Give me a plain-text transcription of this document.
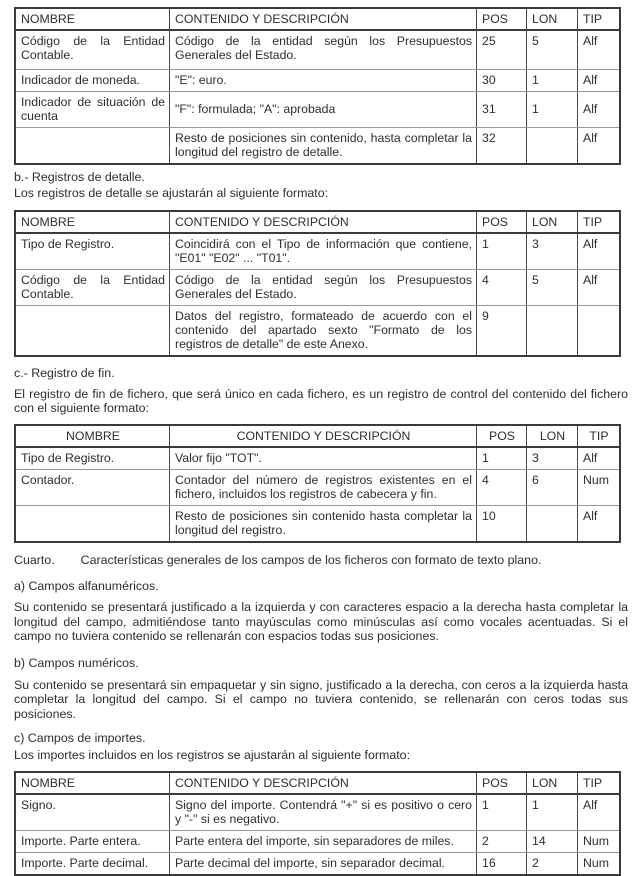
NOMBRE	CONTENIDO Y DESCRIPCIÓN	POS	LON	TIP
Código de la Entidad Contable.	Código de la entidad según los Presupuestos Generales del Estado.	25	5	Alf
Indicador de moneda.	"E": euro.	30	1	Alf
Indicador de situación de cuenta	"F": formulada; "A": aprobada	31	1	Alf
	Resto de posiciones sin contenido, hasta completar la longitud del registro de detalle.	32		Alf

b.- Registros de detalle.

Los registros de detalle se ajustarán al siguiente formato:

NOMBRE	CONTENIDO Y DESCRIPCIÓN	POS	LON	TIP
Tipo de Registro.	Coincidirá con el Tipo de información que contiene, "E01" "E02" ... "T01".	1	3	Alf
Código de la Entidad Contable.	Código de la entidad según los Presupuestos Generales del Estado.	4	5	Alf
	Datos del registro, formateado de acuerdo con el contenido del apartado sexto "Formato de los registros de detalle" de este Anexo.	9		

c.- Registro de fin.

El registro de fin de fichero, que será único en cada fichero, es un registro de control del contenido del fichero con el siguiente formato:

NOMBRE	CONTENIDO Y DESCRIPCIÓN	POS	LON	TIP
Tipo de Registro.	Valor fijo "TOT".	1	3	Alf
Contador.	Contador del número de registros existentes en el fichero, incluidos los registros de cabecera y fin.	4	6	Num
	Resto de posiciones sin contenido hasta completar la longitud del registro.	10		Alf

Cuarto. Características generales de los campos de los ficheros con formato de texto plano.

a) Campos alfanuméricos.

Su contenido se presentará justificado a la izquierda y con caracteres espacio a la derecha hasta completar la longitud del campo, admitiéndose tanto mayúsculas como minúsculas así como vocales acentuadas. Si el campo no tuviera contenido se rellenarán con espacios todas sus posiciones.

b) Campos numéricos.

Su contenido se presentará sin empaquetar y sin signo, justificado a la derecha, con ceros a la izquierda hasta completar la longitud del campo. Si el campo no tuviera contenido, se rellenarán con ceros todas sus posiciones.

c) Campos de importes.

Los importes incluidos en los registros se ajustarán al siguiente formato:

NOMBRE	CONTENIDO Y DESCRIPCIÓN	POS	LON	TIP
Signo.	Signo del importe. Contendrá "+" si es positivo o cero y "-" si es negativo.	1	1	Alf
Importe. Parte entera.	Parte entera del importe, sin separadores de miles.	2	14	Num
Importe. Parte decimal.	Parte decimal del importe, sin separador decimal.	16	2	Num
